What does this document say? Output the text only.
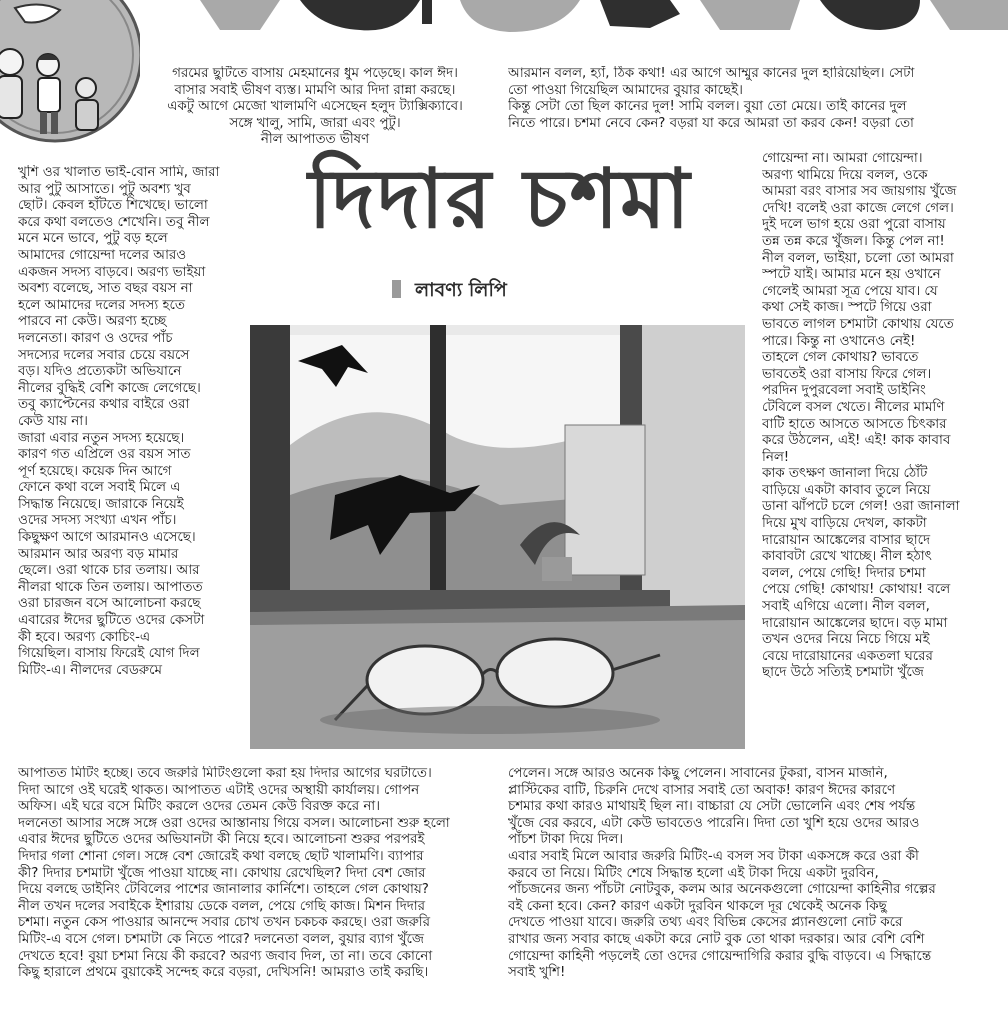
গরমের ছুটিতে বাসায় মেহমানের ধুম পড়েছে। কাল ঈদ।
বাসার সবাই ভীষণ ব্যস্ত। মামণি আর দিদা রান্না করছে।
একটু আগে মেজো খালামণি এসেছেন হলুদ ট্যাক্সিক্যাবে।
সঙ্গে খালু, সামি, জারা এবং পুটু।
নীল আপাতত ভীষণ

খুশি ওর খালাত ভাই-বোন সামি, জারা
আর পুটু আসাতে। পুটু অবশ্য খুব
ছোট। কেবল হাঁটতে শিখেছে। ভালো
করে কথা বলতেও শেখেনি। তবু নীল
মনে মনে ভাবে, পুটু বড় হলে
আমাদের গোয়েন্দা দলের আরও
একজন সদস্য বাড়বে। অরণ্য ভাইয়া
অবশ্য বলেছে, সাত বছর বয়স না
হলে আমাদের দলের সদস্য হতে
পারবে না কেউ। অরণ্য হচ্ছে
দলনেতা। কারণ ও ওদের পাঁচ
সদস্যের দলের সবার চেয়ে বয়সে
বড়। যদিও প্রত্যেকটা অভিযানে
নীলের বুদ্ধিই বেশি কাজে লেগেছে।
তবু ক্যাপ্টেনের কথার বাইরে ওরা
কেউ যায় না।
জারা এবার নতুন সদস্য হয়েছে।
কারণ গত এপ্রিলে ওর বয়স সাত
পূর্ণ হয়েছে। কয়েক দিন আগে
ফোনে কথা বলে সবাই মিলে এ
সিদ্ধান্ত নিয়েছে। জারাকে নিয়েই
ওদের সদস্য সংখ্যা এখন পাঁচ।
কিছুক্ষণ আগে আরমানও এসেছে।
আরমান আর অরণ্য বড় মামার
ছেলে। ওরা থাকে চার তলায়। আর
নীলরা থাকে তিন তলায়। আপাতত
ওরা চারজন বসে আলোচনা করছে
এবারের ঈদের ছুটিতে ওদের কেসটা
কী হবে। অরণ্য কোচিং-এ
গিয়েছিল। বাসায় ফিরেই যোগ দিল
মিটিং-এ। নীলদের বেডরুমে

দিদার চশমা
লাবণ্য লিপি

আরমান বলল, হ্যাঁ, ঠিক কথা! এর আগে আম্মুর কানের দুল হারিয়েছিল। সেটা
তো পাওয়া গিয়েছিল আমাদের বুয়ার কাছেই।
কিন্তু সেটা তো ছিল কানের দুল! সামি বলল। বুয়া তো মেয়ে। তাই কানের দুল
নিতে পারে। চশমা নেবে কেন? বড়রা যা করে আমরা তা করব কেন! বড়রা তো

গোয়েন্দা না। আমরা গোয়েন্দা।
অরণ্য থামিয়ে দিয়ে বলল, ওকে
আমরা বরং বাসার সব জায়গায় খুঁজে
দেখি! বলেই ওরা কাজে লেগে গেল।
দুই দলে ভাগ হয়ে ওরা পুরো বাসায়
তন্ন তন্ন করে খুঁজল। কিন্তু পেল না!
নীল বলল, ভাইয়া, চলো তো আমরা
স্পটে যাই। আমার মনে হয় ওখানে
গেলেই আমরা সূত্র পেয়ে যাব। যে
কথা সেই কাজ। স্পটে গিয়ে ওরা
ভাবতে লাগল চশমাটা কোথায় যেতে
পারে। কিন্তু না ওখানেও নেই!
তাহলে গেল কোথায়? ভাবতে
ভাবতেই ওরা বাসায় ফিরে গেল।
পরদিন দুপুরবেলা সবাই ডাইনিং
টেবিলে বসল খেতে। নীলের মামণি
বাটি হাতে আসতে আসতে চিৎকার
করে উঠলেন, এই! এই! কাক কাবাব
নিল!
কাক তৎক্ষণ জানালা দিয়ে ঠোঁট
বাড়িয়ে একটা কাবাব তুলে নিয়ে
ডানা ঝাঁপটে চলে গেল! ওরা জানালা
দিয়ে মুখ বাড়িয়ে দেখল, কাকটা
দারোয়ান আঙ্কেলের বাসার ছাদে
কাবাবটা রেখে খাচ্ছে। নীল হঠাৎ
বলল, পেয়ে গেছি! দিদার চশমা
পেয়ে গেছি! কোথায়! কোথায়! বলে
সবাই এগিয়ে এলো। নীল বলল,
দারোয়ান আঙ্কেলের ছাদে। বড় মামা
তখন ওদের নিয়ে নিচে গিয়ে মই
বেয়ে দারোয়ানের একতলা ঘরের
ছাদে উঠে সত্যিই চশমাটা খুঁজে

আপাতত মিটিং হচ্ছে। তবে জরুরি মিটিংগুলো করা হয় দিদার আগের ঘরটাতে।
দিদা আগে ওই ঘরেই থাকত। আপাতত এটাই ওদের অস্থায়ী কার্যালয়। গোপন
অফিস। এই ঘরে বসে মিটিং করলে ওদের তেমন কেউ বিরক্ত করে না।
দলনেতা আসার সঙ্গে সঙ্গে ওরা ওদের আস্তানায় গিয়ে বসল। আলোচনা শুরু হলো
এবার ঈদের ছুটিতে ওদের অভিযানটা কী নিয়ে হবে। আলোচনা শুরুর পরপরই
দিদার গলা শোনা গেল। সঙ্গে বেশ জোরেই কথা বলছে ছোট খালামণি। ব্যাপার
কী? দিদার চশমাটা খুঁজে পাওয়া যাচ্ছে না। কোথায় রেখেছিল? দিদা বেশ জোর
দিয়ে বলছে ডাইনিং টেবিলের পাশের জানালার কার্নিশে। তাহলে গেল কোথায়?
নীল তখন দলের সবাইকে ইশারায় ডেকে বলল, পেয়ে গেছি কাজ। মিশন দিদার
চশমা। নতুন কেস পাওয়ার আনন্দে সবার চোখ তখন চকচক করছে। ওরা জরুরি
মিটিং-এ বসে গেল। চশমাটা কে নিতে পারে? দলনেতা বলল, বুয়ার ব্যাগ খুঁজে
দেখতে হবে! বুয়া চশমা নিয়ে কী করবে? অরণ্য জবাব দিল, তা না। তবে কোনো
কিছু হারালে প্রথমে বুয়াকেই সন্দেহ করে বড়রা, দেখিসনি! আমরাও তাই করছি।

পেলেন। সঙ্গে আরও অনেক কিছু পেলেন। সাবানের টুকরা, বাসন মাজনি,
প্লাস্টিকের বাটি, চিরুনি দেখে বাসার সবাই তো অবাক! কারণ ঈদের কারণে
চশমার কথা কারও মাথায়ই ছিল না। বাচ্চারা যে সেটা ভোলেনি এবং শেষ পর্যন্ত
খুঁজে বের করবে, এটা কেউ ভাবতেও পারেনি। দিদা তো খুশি হয়ে ওদের আরও
পাঁচশ টাকা দিয়ে দিল।
এবার সবাই মিলে আবার জরুরি মিটিং-এ বসল সব টাকা একসঙ্গে করে ওরা কী
করবে তা নিয়ে। মিটিং শেষে সিদ্ধান্ত হলো এই টাকা দিয়ে একটা দুরবিন,
পাঁচজনের জন্য পাঁচটা নোটবুক, কলম আর অনেকগুলো গোয়েন্দা কাহিনীর গল্পের
বই কেনা হবে। কেন? কারণ একটা দুরবিন থাকলে দূর থেকেই অনেক কিছু
দেখতে পাওয়া যাবে। জরুরি তথ্য এবং বিভিন্ন কেসের প্ল্যানগুলো নোট করে
রাখার জন্য সবার কাছে একটা করে নোট বুক তো থাকা দরকার। আর বেশি বেশি
গোয়েন্দা কাহিনী পড়লেই তো ওদের গোয়েন্দাগিরি করার বুদ্ধি বাড়বে। এ সিদ্ধান্তে
সবাই খুশি!
